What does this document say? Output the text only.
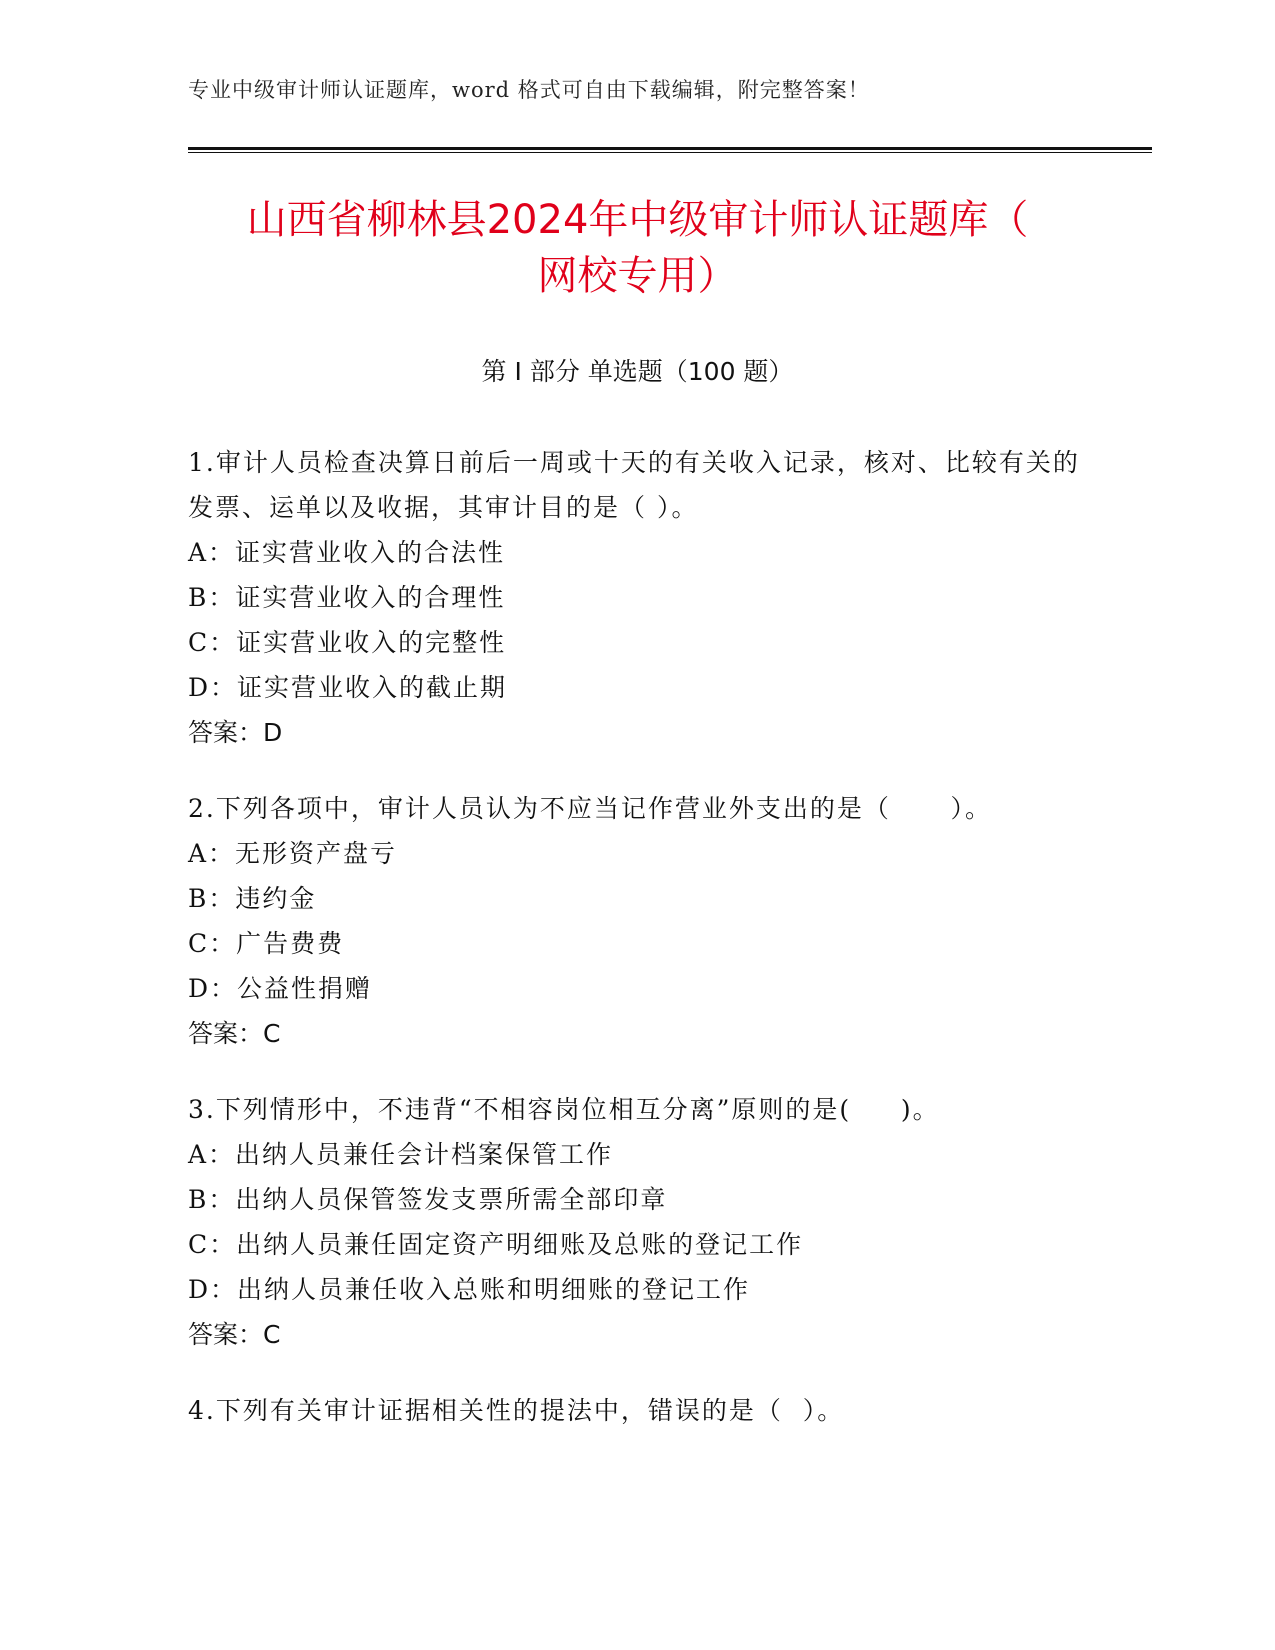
专业中级审计师认证题库，word 格式可自由下载编辑，附完整答案！
山西省柳林县2024年中级审计师认证题库（
网校专用）
第 I 部分 单选题（100 题）

1.审计人员检查决算日前后一周或十天的有关收入记录，核对、比较有关的发票、运单以及收据，其审计目的是（ ）。

A：证实营业收入的合法性

B：证实营业收入的合理性

C：证实营业收入的完整性

D：证实营业收入的截止期

答案：D

2.下列各项中，审计人员认为不应当记作营业外支出的是（      ）。

A：无形资产盘亏

B：违约金

C：广告费费

D：公益性捐赠

答案：C

3.下列情形中，不违背“不相容岗位相互分离”原则的是(     )。

A：出纳人员兼任会计档案保管工作

B：出纳人员保管签发支票所需全部印章

C：出纳人员兼任固定资产明细账及总账的登记工作

D：出纳人员兼任收入总账和明细账的登记工作

答案：C

4.下列有关审计证据相关性的提法中，错误的是（  ）。
